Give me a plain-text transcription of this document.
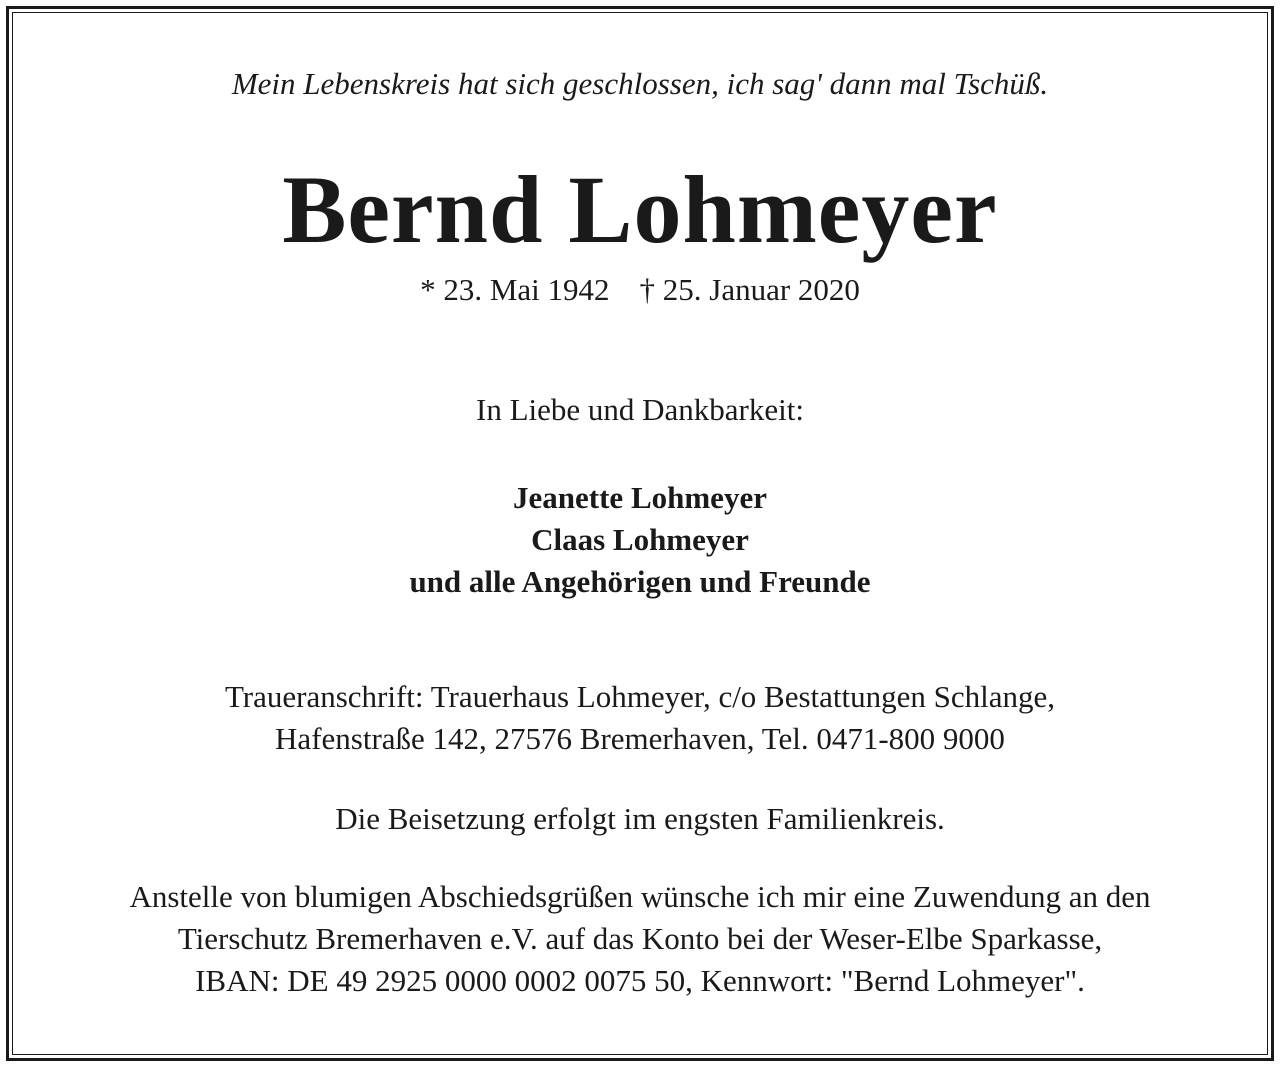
Mein Lebenskreis hat sich geschlossen, ich sag' dann mal Tschüß.

Bernd Lohmeyer

* 23. Mai 1942 † 25. Januar 2020

In Liebe und Dankbarkeit:

Jeanette Lohmeyer

Claas Lohmeyer

und alle Angehörigen und Freunde

Traueranschrift: Trauerhaus Lohmeyer, c/o Bestattungen Schlange,

Hafenstraße 142, 27576 Bremerhaven, Tel. 0471-800 9000

Die Beisetzung erfolgt im engsten Familienkreis.

Anstelle von blumigen Abschiedsgrüßen wünsche ich mir eine Zuwendung an den

Tierschutz Bremerhaven e.V. auf das Konto bei der Weser-Elbe Sparkasse,

IBAN: DE 49 2925 0000 0002 0075 50, Kennwort: "Bernd Lohmeyer".
